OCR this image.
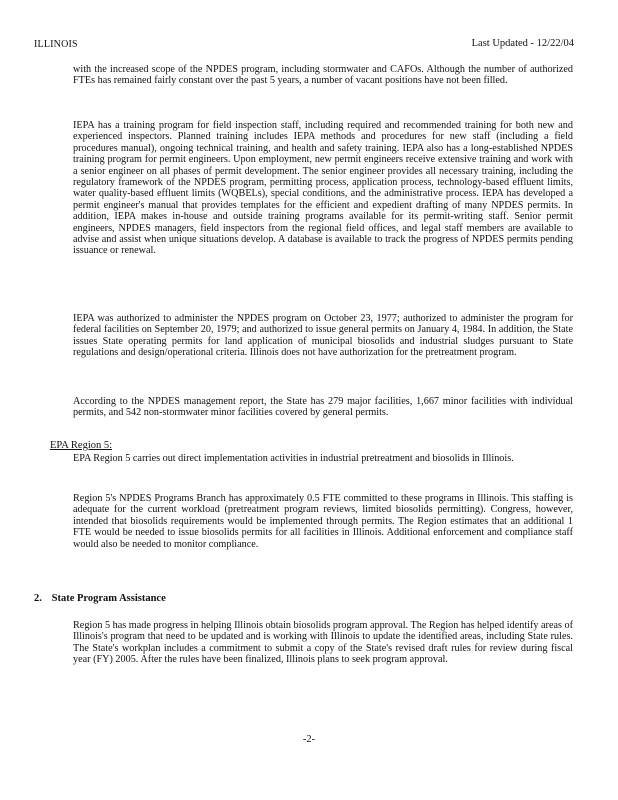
ILLINOIS	Last Updated - 12/22/04

with the increased scope of the NPDES program, including stormwater and CAFOs. Although the number of authorized FTEs has remained fairly constant over the past 5 years, a number of vacant positions have not been filled.

IEPA has a training program for field inspection staff, including required and recommended training for both new and experienced inspectors. Planned training includes IEPA methods and procedures for new staff (including a field procedures manual), ongoing technical training, and health and safety training. IEPA also has a long-established NPDES training program for permit engineers. Upon employment, new permit engineers receive extensive training and work with a senior engineer on all phases of permit development. The senior engineer provides all necessary training, including the regulatory framework of the NPDES program, permitting process, application process, technology-based effluent limits, water quality-based effluent limits (WQBELs), special conditions, and the administrative process. IEPA has developed a permit engineer's manual that provides templates for the efficient and expedient drafting of many NPDES permits. In addition, IEPA makes in-house and outside training programs available for its permit-writing staff. Senior permit engineers, NPDES managers, field inspectors from the regional field offices, and legal staff members are available to advise and assist when unique situations develop. A database is available to track the progress of NPDES permits pending issuance or renewal.

IEPA was authorized to administer the NPDES program on October 23, 1977; authorized to administer the program for federal facilities on September 20, 1979; and authorized to issue general permits on January 4, 1984. In addition, the State issues State operating permits for land application of municipal biosolids and industrial sludges pursuant to State regulations and design/operational criteria. Illinois does not have authorization for the pretreatment program.

According to the NPDES management report, the State has 279 major facilities, 1,667 minor facilities with individual permits, and 542 non-stormwater minor facilities covered by general permits.

EPA Region 5:

EPA Region 5 carries out direct implementation activities in industrial pretreatment and biosolids in Illinois.

Region 5's NPDES Programs Branch has approximately 0.5 FTE committed to these programs in Illinois. This staffing is adequate for the current workload (pretreatment program reviews, limited biosolids permitting). Congress, however, intended that biosolids requirements would be implemented through permits. The Region estimates that an additional 1 FTE would be needed to issue biosolids permits for all facilities in Illinois. Additional enforcement and compliance staff would also be needed to monitor compliance.

2. State Program Assistance

Region 5 has made progress in helping Illinois obtain biosolids program approval. The Region has helped identify areas of Illinois's program that need to be updated and is working with Illinois to update the identified areas, including State rules. The State's workplan includes a commitment to submit a copy of the State's revised draft rules for review during fiscal year (FY) 2005. After the rules have been finalized, Illinois plans to seek program approval.

-2-
